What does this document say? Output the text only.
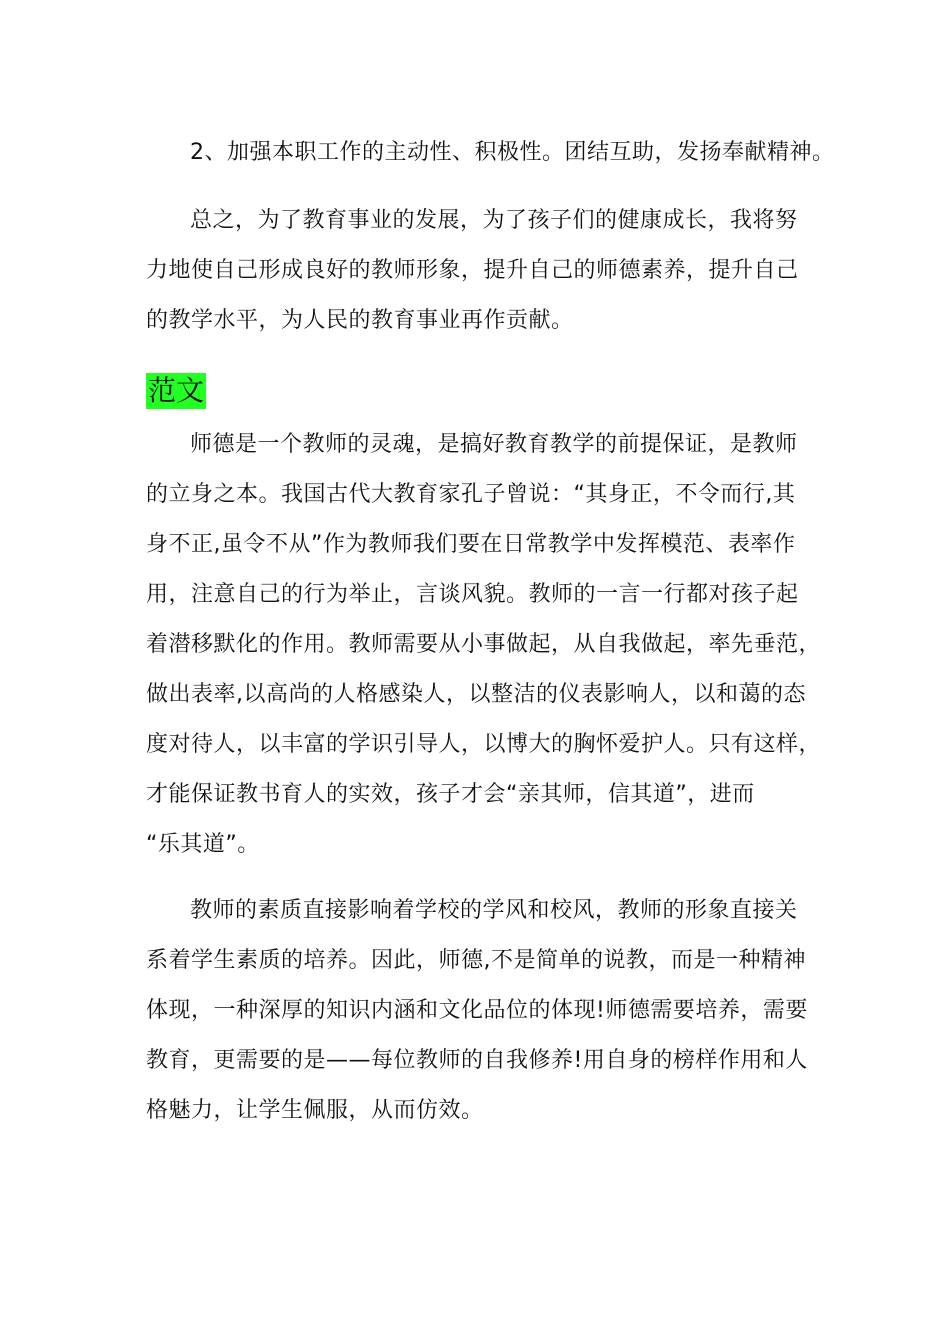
2、加强本职工作的主动性、积极性。团结互助，发扬奉献精神。
总之，为了教育事业的发展，为了孩子们的健康成长，我将努
力地使自己形成良好的教师形象，提升自己的师德素养，提升自己
的教学水平，为人民的教育事业再作贡献。
范文
师德是一个教师的灵魂，是搞好教育教学的前提保证，是教师
的立身之本。我国古代大教育家孔子曾说：“其身正，不令而行,其
身不正,虽令不从”作为教师我们要在日常教学中发挥模范、表率作
用，注意自己的行为举止，言谈风貌。教师的一言一行都对孩子起
着潜移默化的作用。教师需要从小事做起，从自我做起，率先垂范，
做出表率,以高尚的人格感染人，以整洁的仪表影响人，以和蔼的态
度对待人，以丰富的学识引导人，以博大的胸怀爱护人。只有这样，
才能保证教书育人的实效，孩子才会“亲其师，信其道”，进而
“乐其道”。
教师的素质直接影响着学校的学风和校风，教师的形象直接关
系着学生素质的培养。因此，师德,不是简单的说教，而是一种精神
体现，一种深厚的知识内涵和文化品位的体现!师德需要培养，需要
教育，更需要的是——每位教师的自我修养!用自身的榜样作用和人
格魅力，让学生佩服，从而仿效。
